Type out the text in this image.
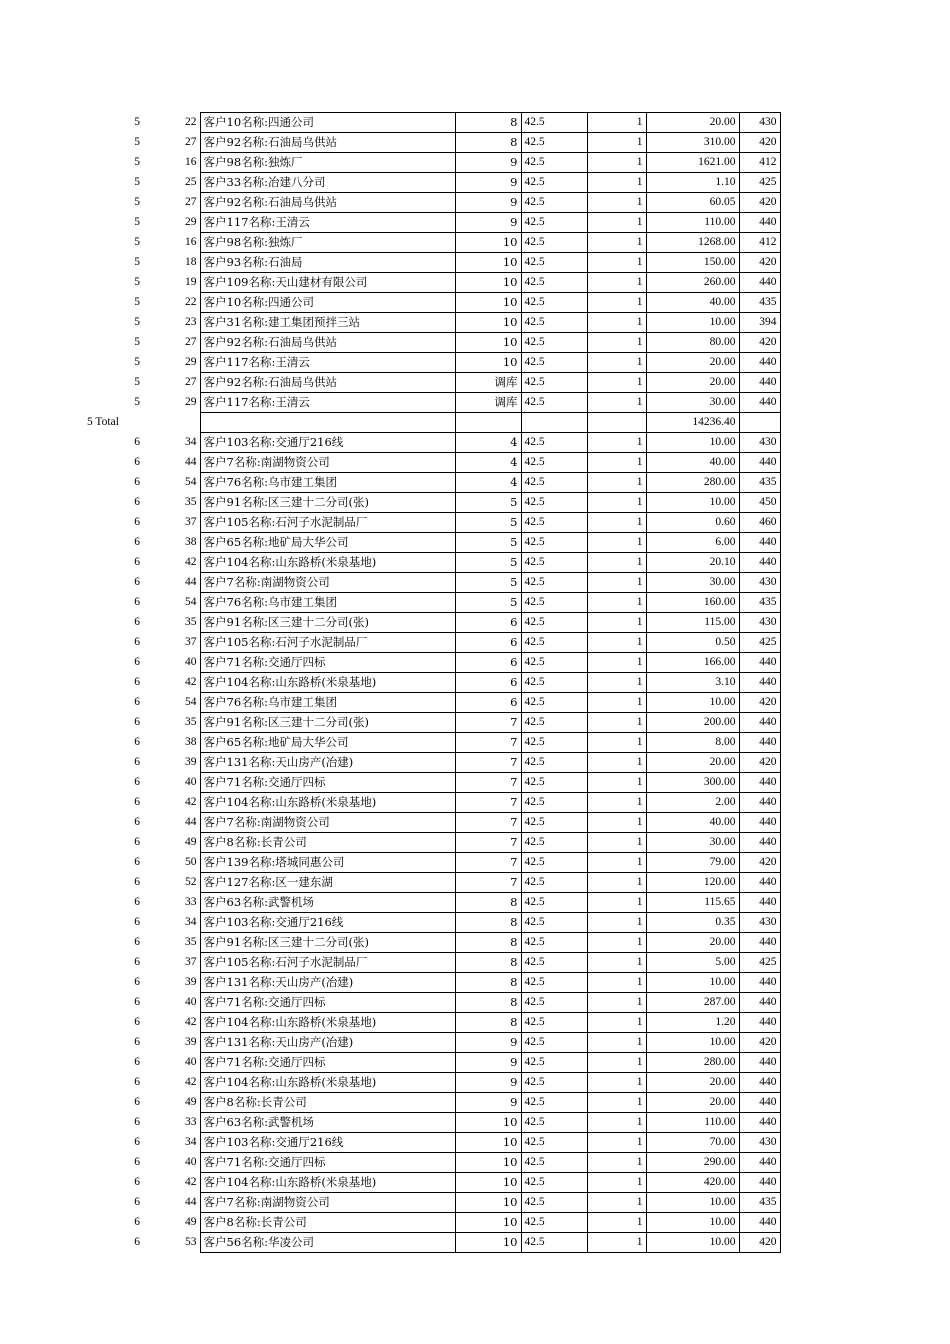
5	22	客户10名称:四通公司	8	42.5	1	20.00	430
5	27	客户92名称:石油局乌供站	8	42.5	1	310.00	420
5	16	客户98名称:独炼厂	9	42.5	1	1621.00	412
5	25	客户33名称:冶建八分司	9	42.5	1	1.10	425
5	27	客户92名称:石油局乌供站	9	42.5	1	60.05	420
5	29	客户117名称:王清云	9	42.5	1	110.00	440
5	16	客户98名称:独炼厂	10	42.5	1	1268.00	412
5	18	客户93名称:石油局	10	42.5	1	150.00	420
5	19	客户109名称:天山建材有限公司	10	42.5	1	260.00	440
5	22	客户10名称:四通公司	10	42.5	1	40.00	435
5	23	客户31名称:建工集团预拌三站	10	42.5	1	10.00	394
5	27	客户92名称:石油局乌供站	10	42.5	1	80.00	420
5	29	客户117名称:王清云	10	42.5	1	20.00	440
5	27	客户92名称:石油局乌供站	调库	42.5	1	20.00	440
5	29	客户117名称:王清云	调库	42.5	1	30.00	440
5 Total						14236.40	
6	34	客户103名称:交通厅216线	4	42.5	1	10.00	430
6	44	客户7名称:南湖物资公司	4	42.5	1	40.00	440
6	54	客户76名称:乌市建工集团	4	42.5	1	280.00	435
6	35	客户91名称:区三建十二分司(张)	5	42.5	1	10.00	450
6	37	客户105名称:石河子水泥制品厂	5	42.5	1	0.60	460
6	38	客户65名称:地矿局大华公司	5	42.5	1	6.00	440
6	42	客户104名称:山东路桥(米泉基地)	5	42.5	1	20.10	440
6	44	客户7名称:南湖物资公司	5	42.5	1	30.00	430
6	54	客户76名称:乌市建工集团	5	42.5	1	160.00	435
6	35	客户91名称:区三建十二分司(张)	6	42.5	1	115.00	430
6	37	客户105名称:石河子水泥制品厂	6	42.5	1	0.50	425
6	40	客户71名称:交通厅四标	6	42.5	1	166.00	440
6	42	客户104名称:山东路桥(米泉基地)	6	42.5	1	3.10	440
6	54	客户76名称:乌市建工集团	6	42.5	1	10.00	420
6	35	客户91名称:区三建十二分司(张)	7	42.5	1	200.00	440
6	38	客户65名称:地矿局大华公司	7	42.5	1	8.00	440
6	39	客户131名称:天山房产(冶建)	7	42.5	1	20.00	420
6	40	客户71名称:交通厅四标	7	42.5	1	300.00	440
6	42	客户104名称:山东路桥(米泉基地)	7	42.5	1	2.00	440
6	44	客户7名称:南湖物资公司	7	42.5	1	40.00	440
6	49	客户8名称:长青公司	7	42.5	1	30.00	440
6	50	客户139名称:塔城同惠公司	7	42.5	1	79.00	420
6	52	客户127名称:区一建东湖	7	42.5	1	120.00	440
6	33	客户63名称:武警机场	8	42.5	1	115.65	440
6	34	客户103名称:交通厅216线	8	42.5	1	0.35	430
6	35	客户91名称:区三建十二分司(张)	8	42.5	1	20.00	440
6	37	客户105名称:石河子水泥制品厂	8	42.5	1	5.00	425
6	39	客户131名称:天山房产(冶建)	8	42.5	1	10.00	440
6	40	客户71名称:交通厅四标	8	42.5	1	287.00	440
6	42	客户104名称:山东路桥(米泉基地)	8	42.5	1	1.20	440
6	39	客户131名称:天山房产(冶建)	9	42.5	1	10.00	420
6	40	客户71名称:交通厅四标	9	42.5	1	280.00	440
6	42	客户104名称:山东路桥(米泉基地)	9	42.5	1	20.00	440
6	49	客户8名称:长青公司	9	42.5	1	20.00	440
6	33	客户63名称:武警机场	10	42.5	1	110.00	440
6	34	客户103名称:交通厅216线	10	42.5	1	70.00	430
6	40	客户71名称:交通厅四标	10	42.5	1	290.00	440
6	42	客户104名称:山东路桥(米泉基地)	10	42.5	1	420.00	440
6	44	客户7名称:南湖物资公司	10	42.5	1	10.00	435
6	49	客户8名称:长青公司	10	42.5	1	10.00	440
6	53	客户56名称:华凌公司	10	42.5	1	10.00	420
